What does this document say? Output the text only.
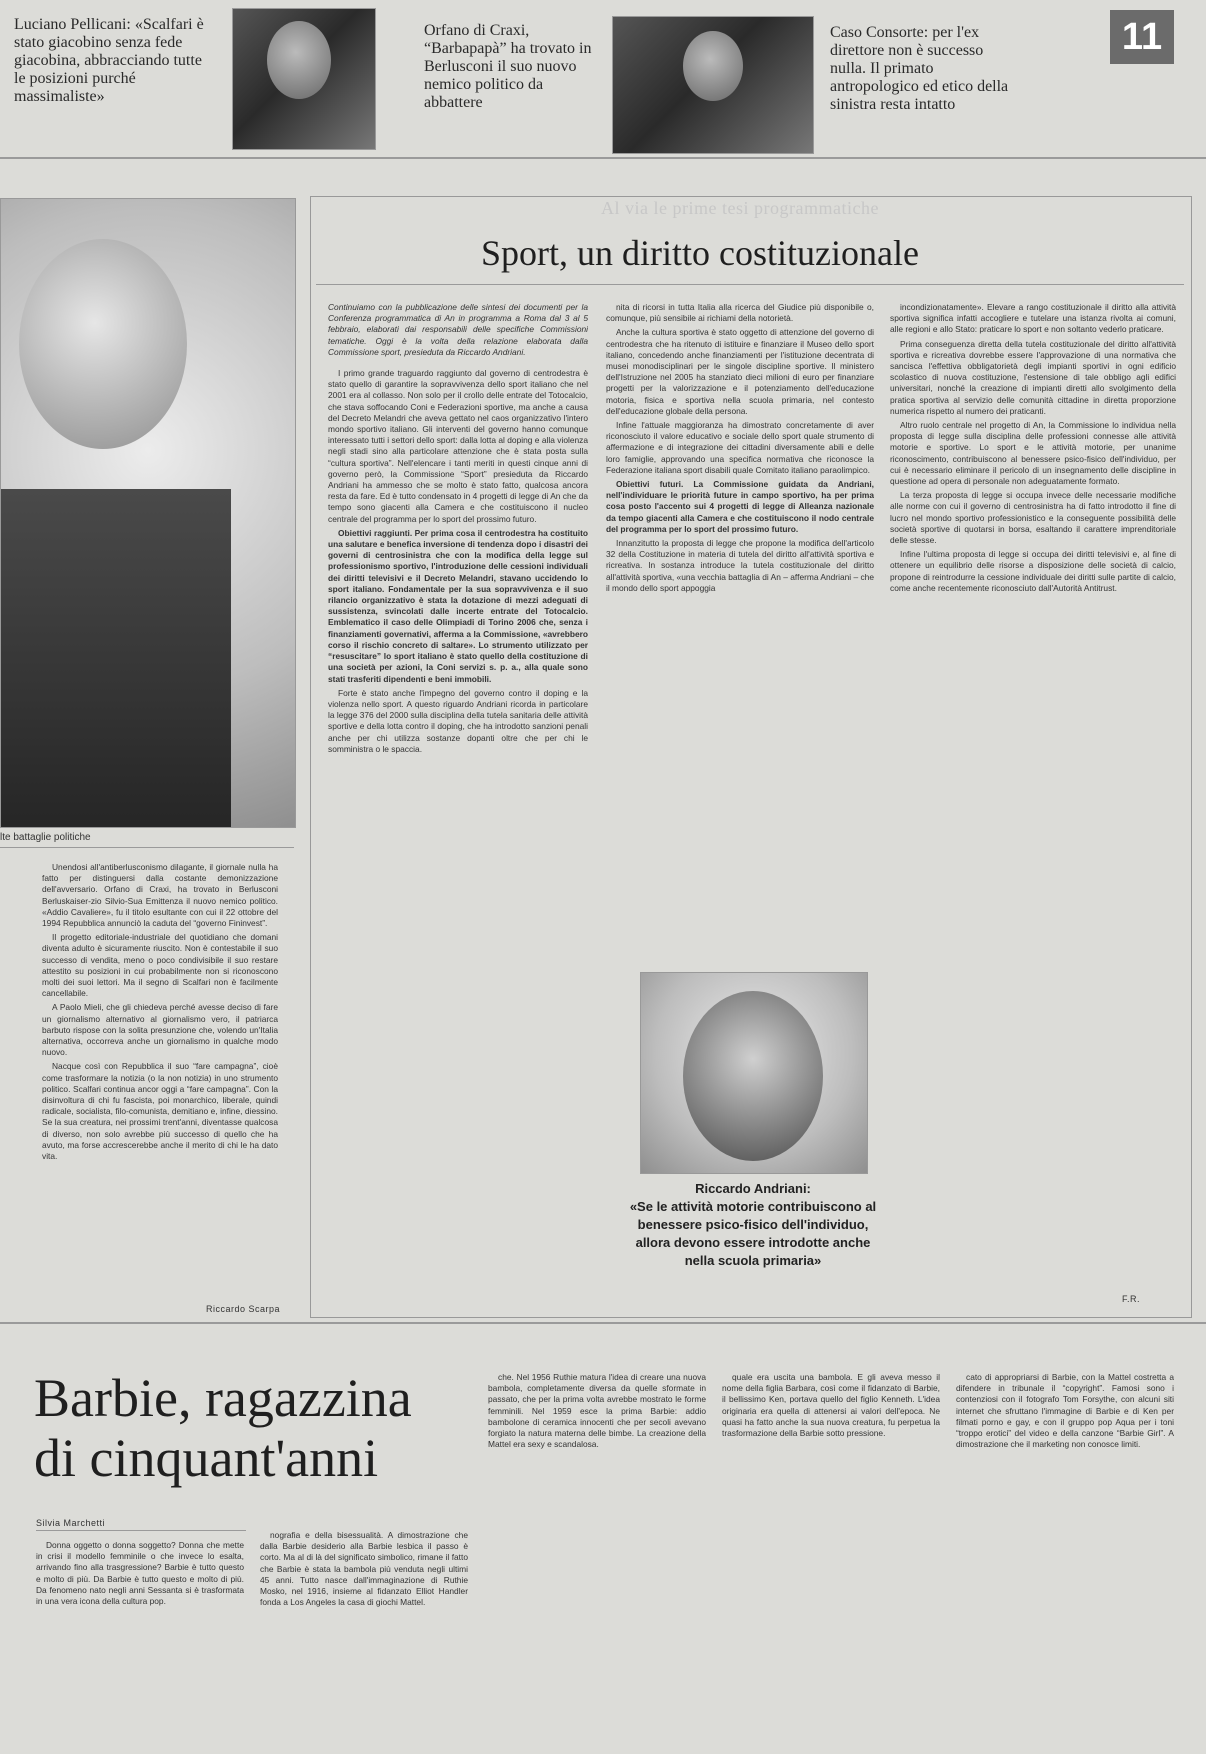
Luciano Pellicani: «Scalfari è stato giacobino senza fede giacobina, abbracciando tutte le posizioni purché massimaliste»
Orfano di Craxi, “Barbapapà” ha trovato in Berlusconi il suo nuovo nemico politico da abbattere
Caso Consorte: per l'ex direttore non è successo nulla. Il primato antropologico ed etico della sinistra resta intatto
11
lte battaglie politiche

Unendosi all'antiberlusconismo dilagante, il giornale nulla ha fatto per distinguersi dalla costante demonizzazione dell'avversario. Orfano di Craxi, ha trovato in Berlusconi Berluskaiser-zio Silvio-Sua Emittenza il nuovo nemico politico. «Addio Cavaliere», fu il titolo esultante con cui il 22 ottobre del 1994 Repubblica annunciò la caduta del “governo Fininvest”.

Il progetto editoriale-industriale del quotidiano che domani diventa adulto è sicuramente riuscito. Non è contestabile il suo successo di vendita, meno o poco condivisibile il suo restare attestito su posizioni in cui probabilmente non si riconoscono molti dei suoi lettori. Ma il segno di Scalfari non è facilmente cancellabile.

A Paolo Mieli, che gli chiedeva perché avesse deciso di fare un giornalismo alternativo al giornalismo vero, il patriarca barbuto rispose con la solita presunzione che, volendo un'Italia alternativa, occorreva anche un giornalismo in qualche modo nuovo.

Nacque così con Repubblica il suo “fare campagna”, cioè come trasformare la notizia (o la non notizia) in uno strumento politico. Scalfari continua ancor oggi a “fare campagna”. Con la disinvoltura di chi fu fascista, poi monarchico, liberale, quindi radicale, socialista, filo-comunista, demitiano e, infine, diessino. Se la sua creatura, nei prossimi trent'anni, diventasse qualcosa di diverso, non solo avrebbe più successo di quello che ha avuto, ma forse accrescerebbe anche il merito di chi le ha dato vita.

Riccardo Scarpa
Al via le prime tesi programmatiche
Sport, un diritto costituzionale

Continuiamo con la pubblicazione delle sintesi dei documenti per la Conferenza programmatica di An in programma a Roma dal 3 al 5 febbraio, elaborati dai responsabili delle specifiche Commissioni tematiche. Oggi è la volta della relazione elaborata dalla Commissione sport, presieduta da Riccardo Andriani.

I primo grande traguardo raggiunto dal governo di centrodestra è stato quello di garantire la sopravvivenza dello sport italiano che nel 2001 era al collasso. Non solo per il crollo delle entrate del Totocalcio, che stava soffocando Coni e Federazioni sportive, ma anche a causa del Decreto Melandri che aveva gettato nel caos organizzativo l'intero mondo sportivo italiano. Gli interventi del governo hanno comunque interessato tutti i settori dello sport: dalla lotta al doping e alla violenza negli stadi sino alla particolare attenzione che è stata posta sulla “cultura sportiva”. Nell'elencare i tanti meriti in questi cinque anni di governo però, la Commissione “Sport” presieduta da Riccardo Andriani ha ammesso che se molto è stato fatto, qualcosa ancora resta da fare. Ed è tutto condensato in 4 progetti di legge di An che da tempo sono giacenti alla Camera e che costituiscono il nucleo centrale del programma per lo sport del prossimo futuro.

Obiettivi raggiunti. Per prima cosa il centrodestra ha costituito una salutare e benefica inversione di tendenza dopo i disastri dei governi di centrosinistra che con la modifica della legge sul professionismo sportivo, l'introduzione delle cessioni individuali dei diritti televisivi e il Decreto Melandri, stavano uccidendo lo sport italiano. Fondamentale per la sua sopravvivenza e il suo rilancio organizzativo è stata la dotazione di mezzi adeguati di sussistenza, svincolati dalle incerte entrate del Totocalcio. Emblematico il caso delle Olimpiadi di Torino 2006 che, senza i finanziamenti governativi, afferma a la Commissione, «avrebbero corso il rischio concreto di saltare». Lo strumento utilizzato per “resuscitare” lo sport italiano è stato quello della costituzione di una società per azioni, la Coni servizi s. p. a., alla quale sono stati trasferiti dipendenti e beni immobili.

Forte è stato anche l'impegno del governo contro il doping e la violenza nello sport. A questo riguardo Andriani ricorda in particolare la legge 376 del 2000 sulla disciplina della tutela sanitaria delle attività sportive e della lotta contro il doping, che ha introdotto sanzioni penali anche per chi utilizza sostanze dopanti oltre che per chi le somministra o le spaccia.

nita di ricorsi in tutta Italia alla ricerca del Giudice più disponibile o, comunque, più sensibile ai richiami della notorietà.

Anche la cultura sportiva è stato oggetto di attenzione del governo di centrodestra che ha ritenuto di istituire e finanziare il Museo dello sport italiano, concedendo anche finanziamenti per l'istituzione decentrata di musei monodisciplinari per le singole discipline sportive. Il ministero dell'Istruzione nel 2005 ha stanziato dieci milioni di euro per finanziare progetti per la valorizzazione e il potenziamento dell'educazione motoria, fisica e sportiva nella scuola primaria, nel contesto dell'educazione globale della persona.

Infine l'attuale maggioranza ha dimostrato concretamente di aver riconosciuto il valore educativo e sociale dello sport quale strumento di affermazione e di integrazione dei cittadini diversamente abili e delle loro famiglie, approvando una specifica normativa che riconosce la Federazione italiana sport disabili quale Comitato italiano paraolimpico.

Obiettivi futuri. La Commissione guidata da Andriani, nell'individuare le priorità future in campo sportivo, ha per prima cosa posto l'accento sui 4 progetti di legge di Alleanza nazionale da tempo giacenti alla Camera e che costituiscono il nodo centrale del programma per lo sport del prossimo futuro.

Innanzitutto la proposta di legge che propone la modifica dell'articolo 32 della Costituzione in materia di tutela del diritto all'attività sportiva e ricreativa. In sostanza introduce la tutela costituzionale del diritto all'attività sportiva, «una vecchia battaglia di An – afferma Andriani – che il mondo dello sport appoggia

incondizionatamente». Elevare a rango costituzionale il diritto alla attività sportiva significa infatti accogliere e tutelare una istanza rivolta ai comuni, alle regioni e allo Stato: praticare lo sport e non soltanto vederlo praticare.

Prima conseguenza diretta della tutela costituzionale del diritto all'attività sportiva e ricreativa dovrebbe essere l'approvazione di una normativa che sancisca l'effettiva obbligatorietà degli impianti sportivi in ogni edificio scolastico di nuova costituzione, l'estensione di tale obbligo agli edifici universitari, nonché la creazione di impianti diretti allo svolgimento della pratica sportiva al servizio delle comunità cittadine in diretta proporzione numerica rispetto al numero dei praticanti.

Altro ruolo centrale nel progetto di An, la Commissione lo individua nella proposta di legge sulla disciplina delle professioni connesse alle attività motorie e sportive. Lo sport e le attività motorie, per unanime riconoscimento, contribuiscono al benessere psico-fisico dell'individuo, per cui è necessario eliminare il pericolo di un insegnamento delle discipline in questione ad opera di personale non adeguatamente formato.

La terza proposta di legge si occupa invece delle necessarie modifiche alle norme con cui il governo di centrosinistra ha di fatto introdotto il fine di lucro nel mondo sportivo professionistico e la conseguente possibilità delle società sportive di quotarsi in borsa, esaltando il carattere imprenditoriale delle stesse.

Infine l'ultima proposta di legge si occupa dei diritti televisivi e, al fine di ottenere un equilibrio delle risorse a disposizione delle società di calcio, propone di reintrodurre la cessione individuale dei diritti sulle partite di calcio, come anche recentemente riconosciuto dall'Autorità Antitrust.

F.R.
Riccardo Andriani:
«Se le attività motorie contribuiscono al benessere psico-fisico dell'individuo, allora devono essere introdotte anche nella scuola primaria»
Barbie, ragazzina
di cinquant'anni
Silvia Marchetti

Donna oggetto o donna soggetto? Donna che mette in crisi il modello femminile o che invece lo esalta, arrivando fino alla trasgressione? Barbie è tutto questo e molto di più. Da Barbie è tutto questo e molto di più. Da fenomeno nato negli anni Sessanta si è trasformata in una vera icona della cultura pop.

nografia e della bisessualità. A dimostrazione che dalla Barbie desiderio alla Barbie lesbica il passo è corto. Ma al di là del significato simbolico, rimane il fatto che Barbie è stata la bambola più venduta negli ultimi 45 anni. Tutto nasce dall'immaginazione di Ruthie Mosko, nel 1916, insieme al fidanzato Elliot Handler fonda a Los Angeles la casa di giochi Mattel.

che. Nel 1956 Ruthie matura l'idea di creare una nuova bambola, completamente diversa da quelle sformate in passato, che per la prima volta avrebbe mostrato le forme femminili. Nel 1959 esce la prima Barbie: addio bambolone di ceramica innocenti che per secoli avevano forgiato la natura materna delle bimbe. La creazione della Mattel era sexy e scandalosa.

quale era uscita una bambola. E gli aveva messo il nome della figlia Barbara, così come il fidanzato di Barbie, il bellissimo Ken, portava quello del figlio Kenneth. L'idea originaria era quella di attenersi ai valori dell'epoca. Ne quasi ha fatto anche la sua nuova creatura, fu perpetua la trasformazione della Barbie sotto pressione.

cato di appropriarsi di Barbie, con la Mattel costretta a difendere in tribunale il “copyright”. Famosi sono i contenziosi con il fotografo Tom Forsythe, con alcuni siti internet che sfruttano l'immagine di Barbie e di Ken per filmati porno e gay, e con il gruppo pop Aqua per i toni “troppo erotici” del video e della canzone “Barbie Girl”. A dimostrazione che il marketing non conosce limiti.
